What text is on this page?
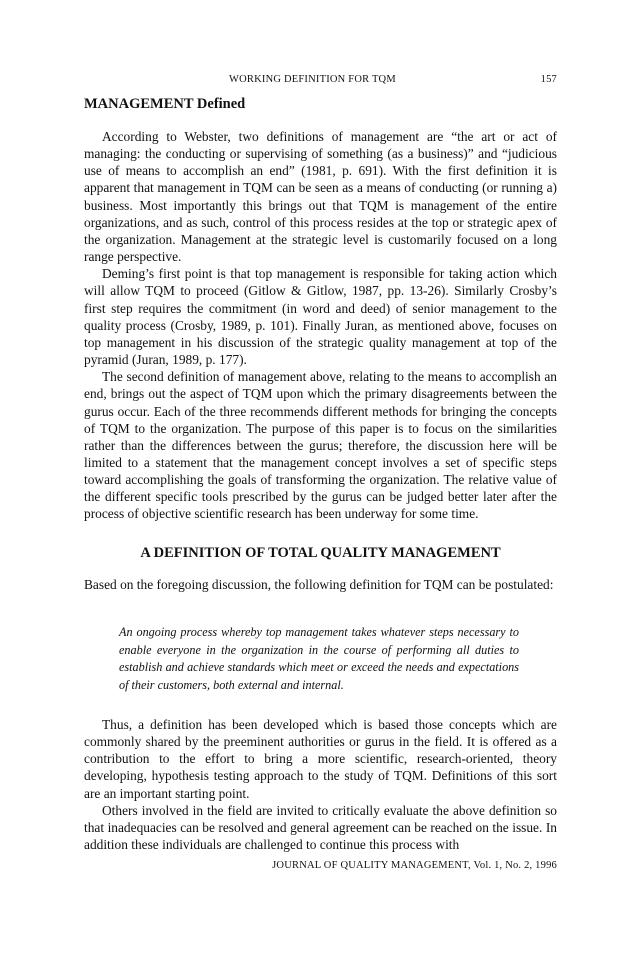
WORKING DEFINITION FOR TQM	157
MANAGEMENT Defined

According to Webster, two definitions of management are “the art or act of managing: the conducting or supervising of something (as a business)” and “judicious use of means to accomplish an end” (1981, p. 691). With the first definition it is apparent that management in TQM can be seen as a means of conducting (or running a) business. Most importantly this brings out that TQM is management of the entire organizations, and as such, control of this process resides at the top or strategic apex of the organization. Management at the strategic level is customarily focused on a long range perspective.

Deming’s first point is that top management is responsible for taking action which will allow TQM to proceed (Gitlow & Gitlow, 1987, pp. 13-26). Similarly Crosby’s first step requires the commitment (in word and deed) of senior management to the quality process (Crosby, 1989, p. 101). Finally Juran, as mentioned above, focuses on top management in his discussion of the strategic quality management at top of the pyramid (Juran, 1989, p. 177).

The second definition of management above, relating to the means to accomplish an end, brings out the aspect of TQM upon which the primary disagreements between the gurus occur. Each of the three recommends different methods for bringing the concepts of TQM to the organization. The purpose of this paper is to focus on the similarities rather than the differences between the gurus; therefore, the discussion here will be limited to a statement that the management concept involves a set of specific steps toward accomplishing the goals of transforming the organization. The relative value of the different specific tools prescribed by the gurus can be judged better later after the process of objective scientific research has been underway for some time.

A DEFINITION OF TOTAL QUALITY MANAGEMENT

Based on the foregoing discussion, the following definition for TQM can be postulated:

An ongoing process whereby top management takes whatever steps necessary to enable everyone in the organization in the course of performing all duties to establish and achieve standards which meet or exceed the needs and expectations of their customers, both external and internal.

Thus, a definition has been developed which is based those concepts which are commonly shared by the preeminent authorities or gurus in the field. It is offered as a contribution to the effort to bring a more scientific, research-oriented, theory developing, hypothesis testing approach to the study of TQM. Definitions of this sort are an important starting point.

Others involved in the field are invited to critically evaluate the above definition so that inadequacies can be resolved and general agreement can be reached on the issue. In addition these individuals are challenged to continue this process with

JOURNAL OF QUALITY MANAGEMENT, Vol. 1, No. 2, 1996
